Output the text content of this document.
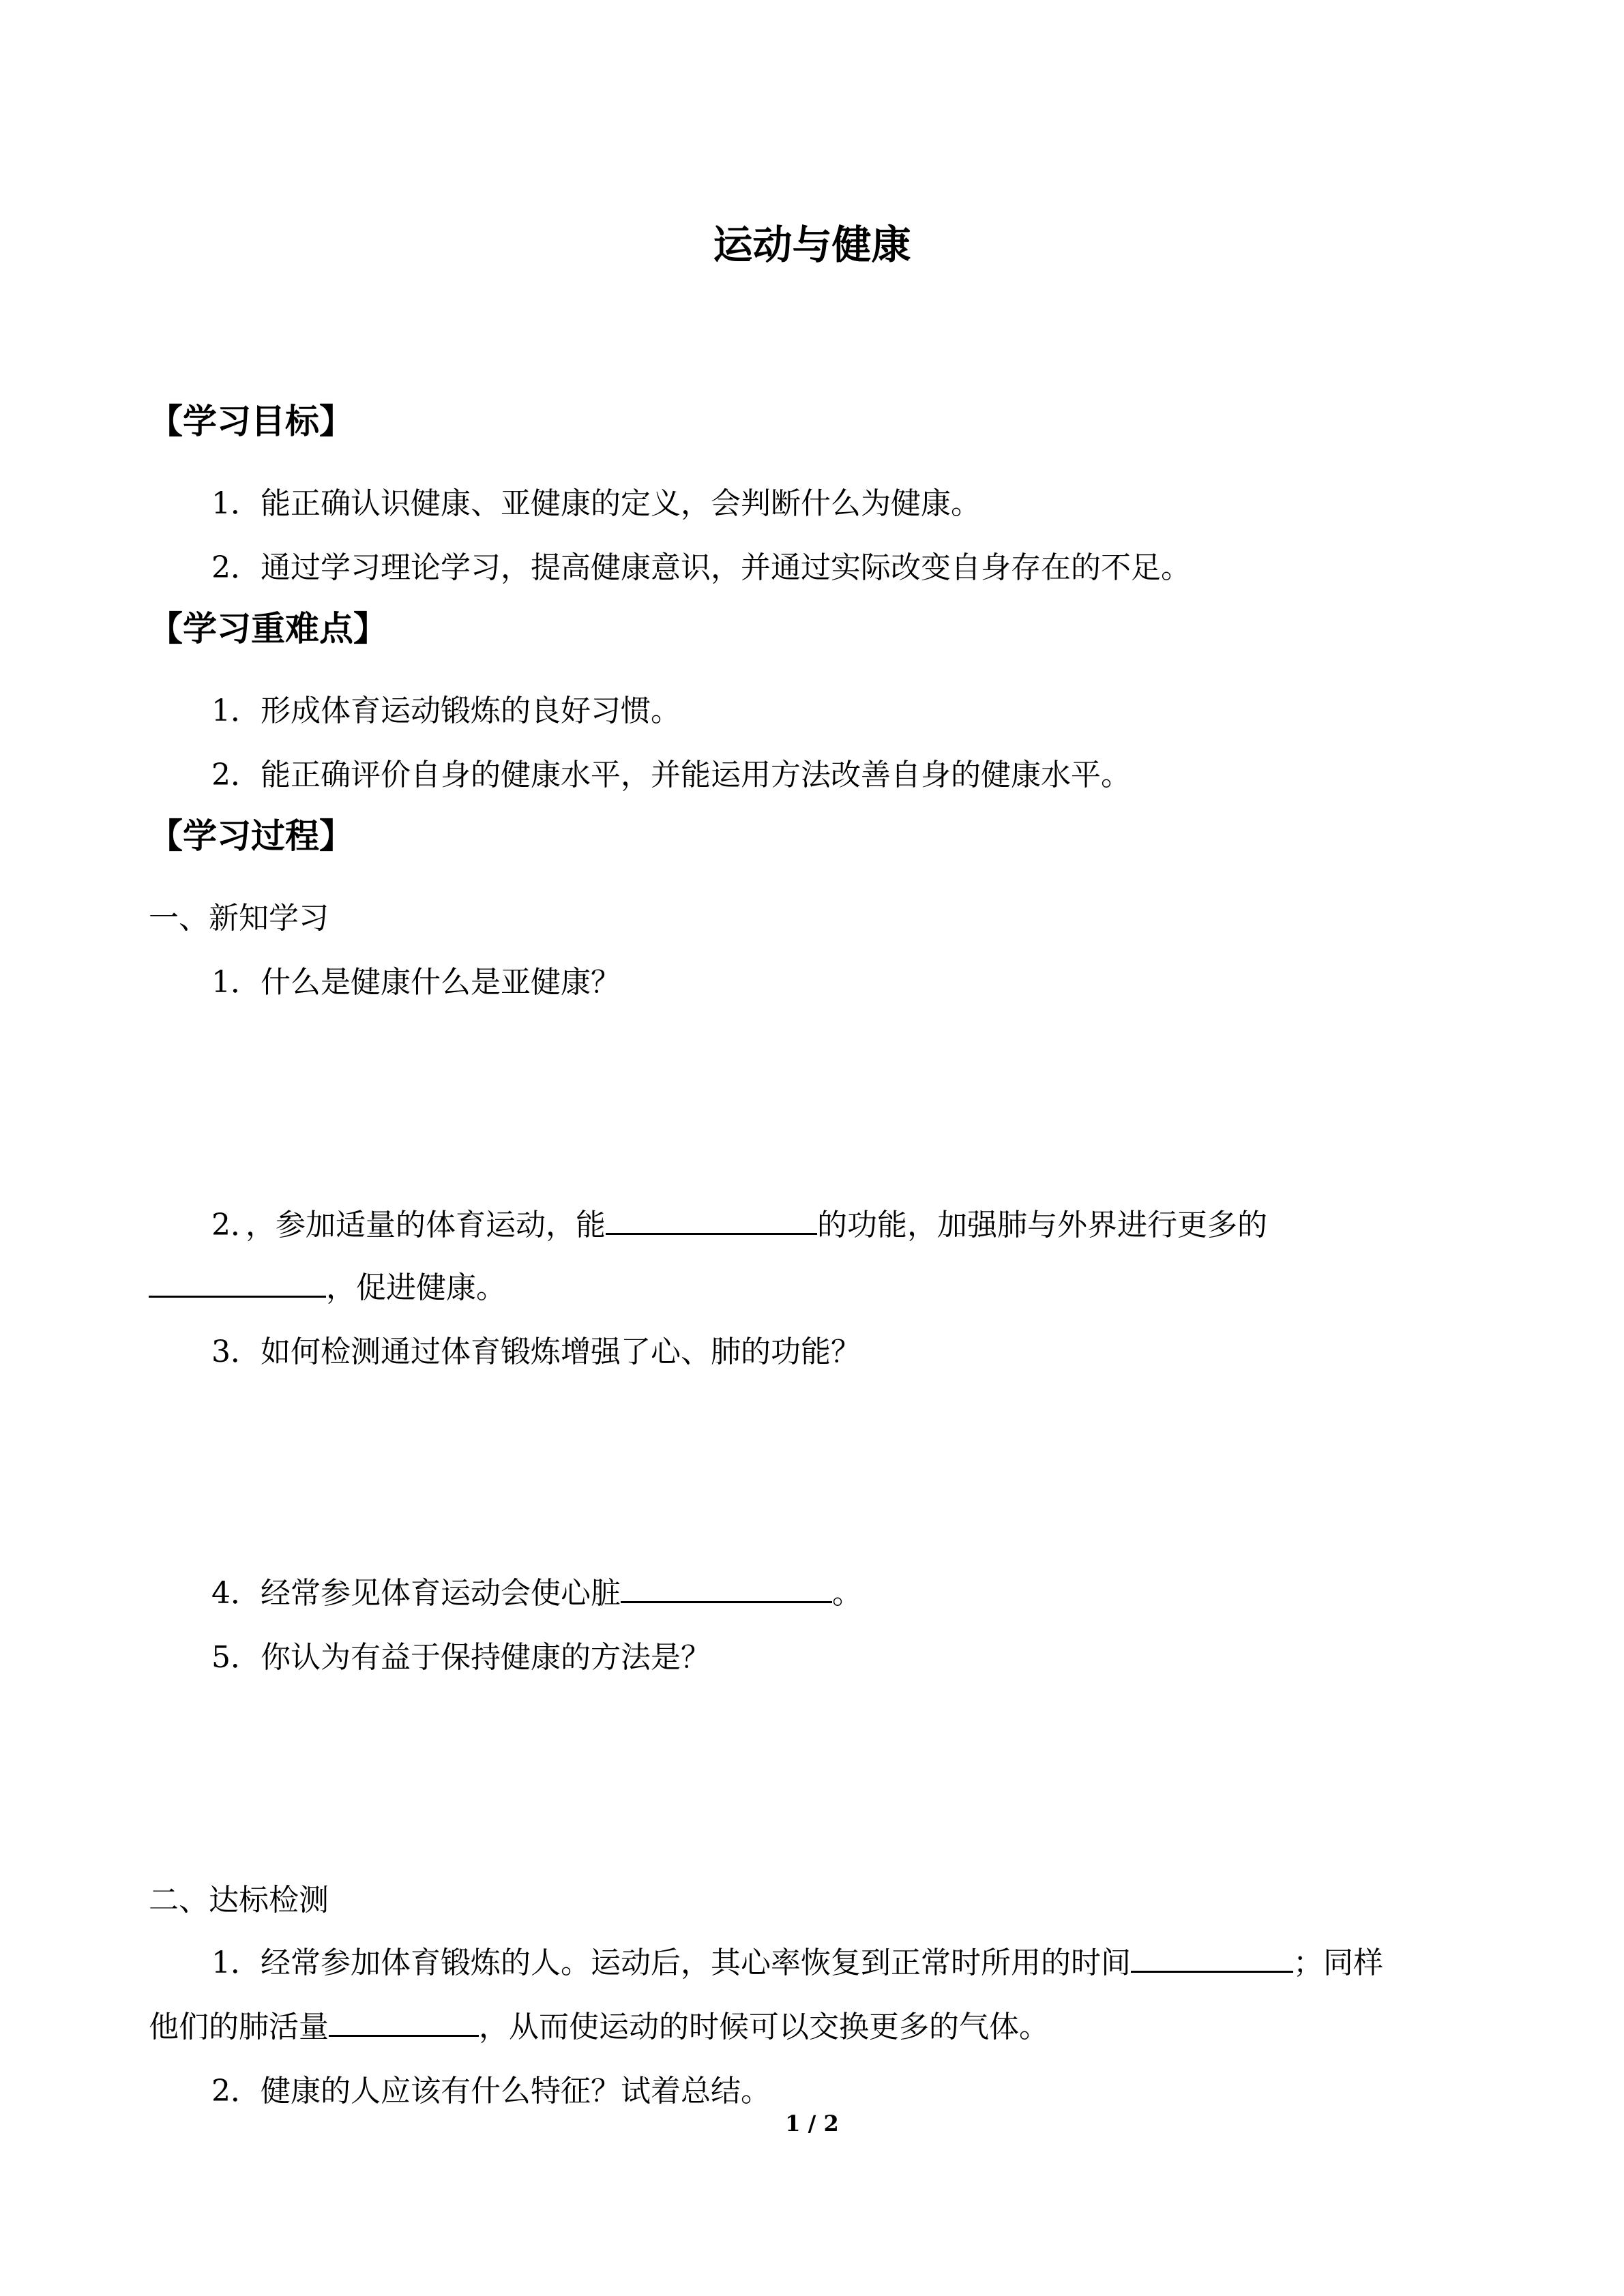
运动与健康
【学习目标】
1．能正确认识健康、亚健康的定义，会判断什么为健康。
2．通过学习理论学习，提高健康意识，并通过实际改变自身存在的不足。
【学习重难点】
1．形成体育运动锻炼的良好习惯。
2．能正确评价自身的健康水平，并能运用方法改善自身的健康水平。
【学习过程】
一、新知学习
1．什么是健康什么是亚健康？
2．，参加适量的体育运动，能	的功能，加强肺与外界进行更多的
，促进健康。
3．如何检测通过体育锻炼增强了心、肺的功能？
4．经常参见体育运动会使心脏	。
5．你认为有益于保持健康的方法是？
二、达标检测
1．经常参加体育锻炼的人。运动后，其心率恢复到正常时所用的时间	；同样
他们的肺活量	，从而使运动的时候可以交换更多的气体。
2．健康的人应该有什么特征？试着总结。
1 / 2
